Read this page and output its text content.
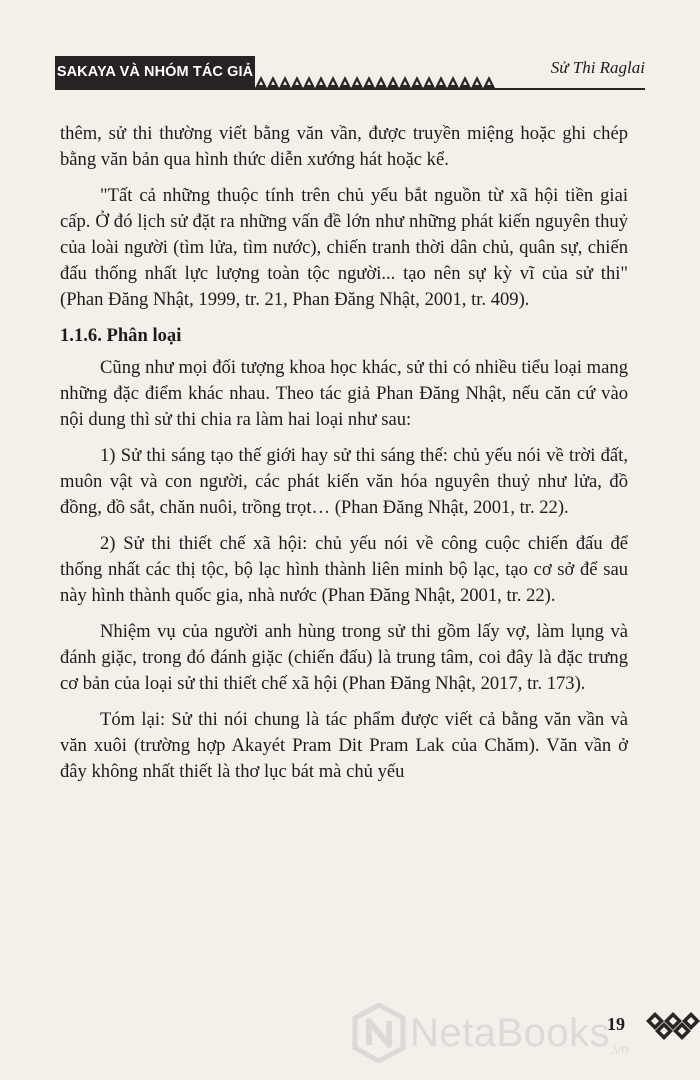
SAKAYA VÀ NHÓM TÁC GIẢ	Sử Thi Raglai

thêm, sử thi thường viết bằng văn vần, được truyền miệng hoặc ghi chép bằng văn bản qua hình thức diễn xướng hát hoặc kể.

"Tất cả những thuộc tính trên chủ yếu bắt nguồn từ xã hội tiền giai cấp. Ở đó lịch sử đặt ra những vấn đề lớn như những phát kiến nguyên thuỷ của loài người (tìm lửa, tìm nước), chiến tranh thời dân chủ, quân sự, chiến đấu thống nhất lực lượng toàn tộc người... tạo nên sự kỳ vĩ của sử thi" (Phan Đăng Nhật, 1999, tr. 21, Phan Đăng Nhật, 2001, tr. 409).

1.1.6. Phân loại

Cũng như mọi đối tượng khoa học khác, sử thi có nhiều tiểu loại mang những đặc điểm khác nhau. Theo tác giả Phan Đăng Nhật, nếu căn cứ vào nội dung thì sử thi chia ra làm hai loại như sau:

1) Sử thi sáng tạo thế giới hay sử thi sáng thế: chủ yếu nói về trời đất, muôn vật và con người, các phát kiến văn hóa nguyên thuỷ như lửa, đồ đồng, đồ sắt, chăn nuôi, trồng trọt… (Phan Đăng Nhật, 2001, tr. 22).

2) Sử thi thiết chế xã hội: chủ yếu nói về công cuộc chiến đấu để thống nhất các thị tộc, bộ lạc hình thành liên minh bộ lạc, tạo cơ sở để sau này hình thành quốc gia, nhà nước (Phan Đăng Nhật, 2001, tr. 22).

Nhiệm vụ của người anh hùng trong sử thi gồm lấy vợ, làm lụng và đánh giặc, trong đó đánh giặc (chiến đấu) là trung tâm, coi đây là đặc trưng cơ bản của loại sử thi thiết chế xã hội (Phan Đăng Nhật, 2017, tr. 173).

Tóm lại: Sử thi nói chung là tác phẩm được viết cả bằng văn vần và văn xuôi (trường hợp Akayét Pram Dit Pram Lak của Chăm). Văn vần ở đây không nhất thiết là thơ lục bát mà chủ yếu

NetaBooks .vn
19
